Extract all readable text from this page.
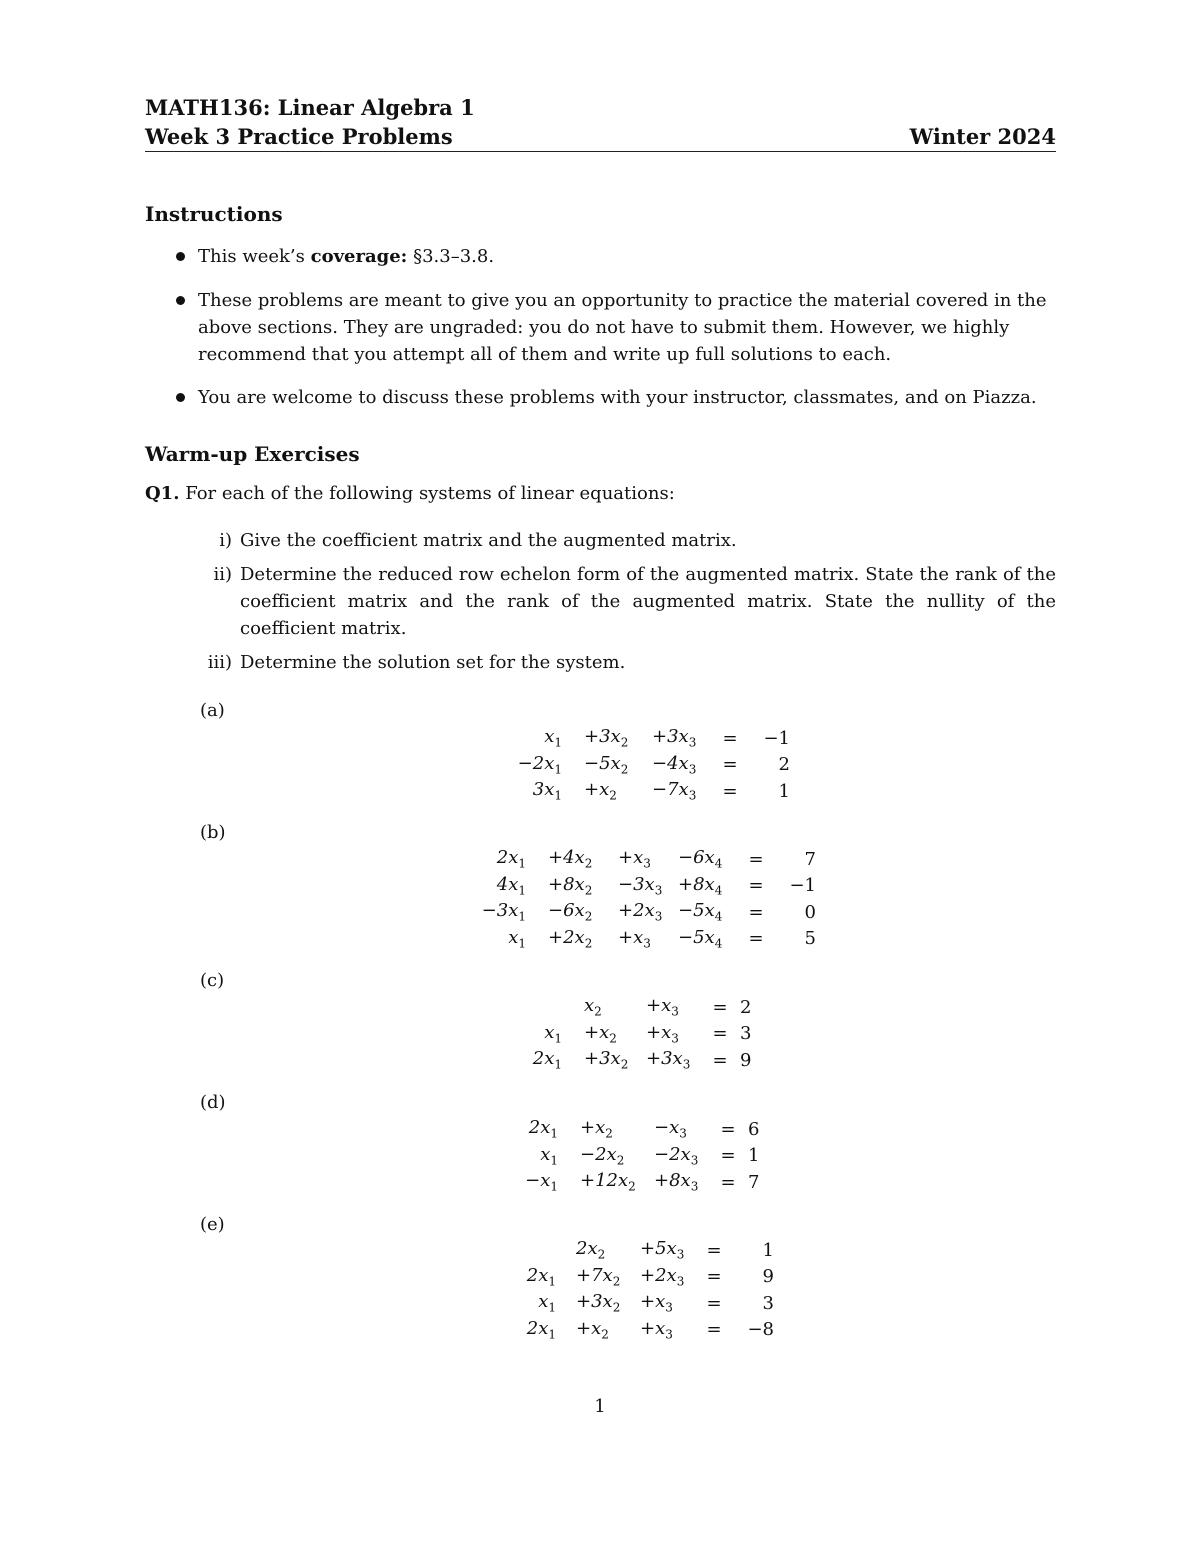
MATH136: Linear Algebra 1
Week 3 Practice Problems	Winter 2024
Instructions
This week’s coverage: §3.3–3.8.
These problems are meant to give you an opportunity to practice the material covered in the
above sections. They are ungraded: you do not have to submit them. However, we highly
recommend that you attempt all of them and write up full solutions to each.
You are welcome to discuss these problems with your instructor, classmates, and on Piazza.
Warm-up Exercises
Q1. For each of the following systems of linear equations:
i) Give the coefficient matrix and the augmented matrix.
ii) Determine the reduced row echelon form of the augmented matrix. State the rank of the coefficient matrix and the rank of the augmented matrix. State the nullity of the coefficient matrix.
iii) Determine the solution set for the system.
(a)
$x_1$	$+3x_2$	$+3x_3$	=	−1
$-2x_1$	$-5x_2$	$-4x_3$	=	2
$3x_1$	$+x_2$	$-7x_3$	=	1
(b)
$2x_1$	$+4x_2$	$+x_3$	$-6x_4$	=	7
$4x_1$	$+8x_2$	$-3x_3$	$+8x_4$	=	−1
$-3x_1$	$-6x_2$	$+2x_3$	$-5x_4$	=	0
$x_1$	$+2x_2$	$+x_3$	$-5x_4$	=	5
(c)
	$x_2$	$+x_3$	=	2
$x_1$	$+x_2$	$+x_3$	=	3
$2x_1$	$+3x_2$	$+3x_3$	=	9
(d)
$2x_1$	$+x_2$	$-x_3$	=	6
$x_1$	$-2x_2$	$-2x_3$	=	1
$-x_1$	$+12x_2$	$+8x_3$	=	7
(e)
	$2x_2$	$+5x_3$	=	1
$2x_1$	$+7x_2$	$+2x_3$	=	9
$x_1$	$+3x_2$	$+x_3$	=	3
$2x_1$	$+x_2$	$+x_3$	=	−8
1
